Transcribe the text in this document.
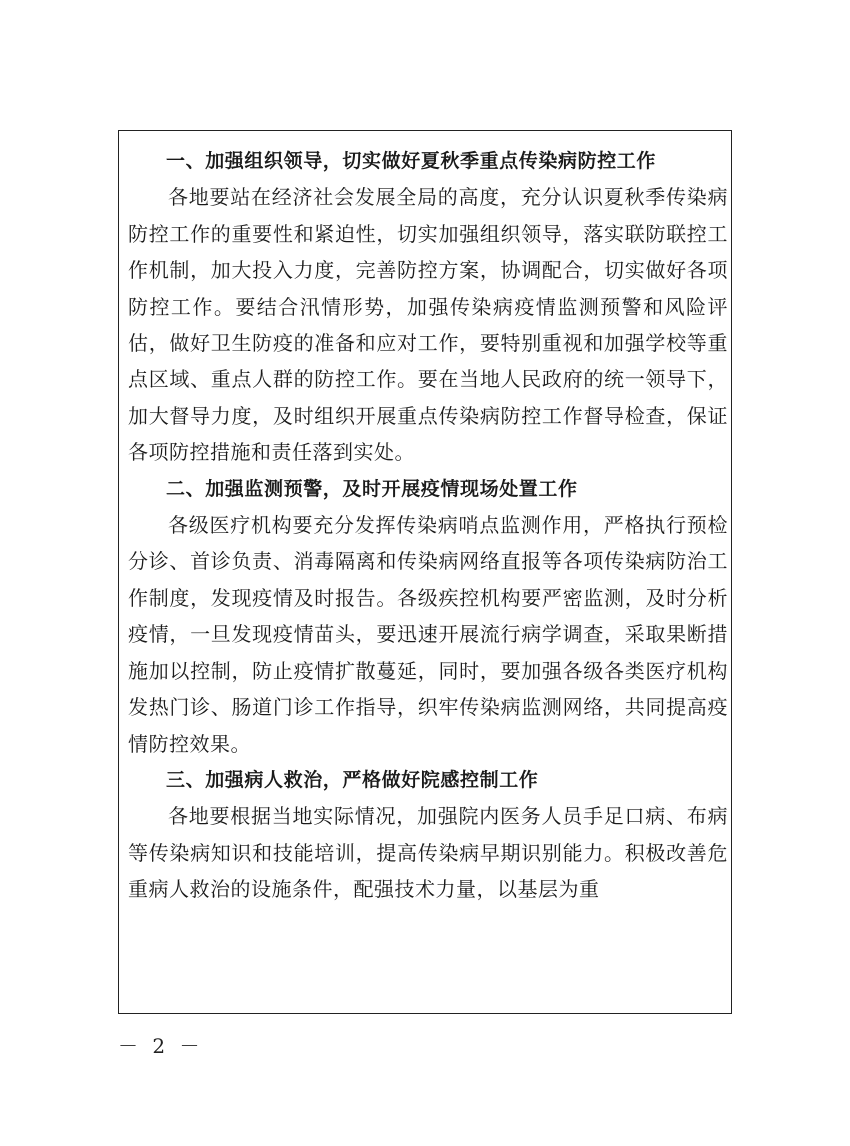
一、加强组织领导，切实做好夏秋季重点传染病防控工作

各地要站在经济社会发展全局的高度，充分认识夏秋季传染病防控工作的重要性和紧迫性，切实加强组织领导，落实联防联控工作机制，加大投入力度，完善防控方案，协调配合，切实做好各项防控工作。要结合汛情形势，加强传染病疫情监测预警和风险评估，做好卫生防疫的准备和应对工作，要特别重视和加强学校等重点区域、重点人群的防控工作。要在当地人民政府的统一领导下，加大督导力度，及时组织开展重点传染病防控工作督导检查，保证各项防控措施和责任落到实处。

二、加强监测预警，及时开展疫情现场处置工作

各级医疗机构要充分发挥传染病哨点监测作用，严格执行预检分诊、首诊负责、消毒隔离和传染病网络直报等各项传染病防治工作制度，发现疫情及时报告。各级疾控机构要严密监测，及时分析疫情，一旦发现疫情苗头，要迅速开展流行病学调查，采取果断措施加以控制，防止疫情扩散蔓延，同时，要加强各级各类医疗机构发热门诊、肠道门诊工作指导，织牢传染病监测网络，共同提高疫情防控效果。

三、加强病人救治，严格做好院感控制工作

各地要根据当地实际情况，加强院内医务人员手足口病、布病等传染病知识和技能培训，提高传染病早期识别能力。积极改善危重病人救治的设施条件，配强技术力量，以基层为重

－ 2 －
